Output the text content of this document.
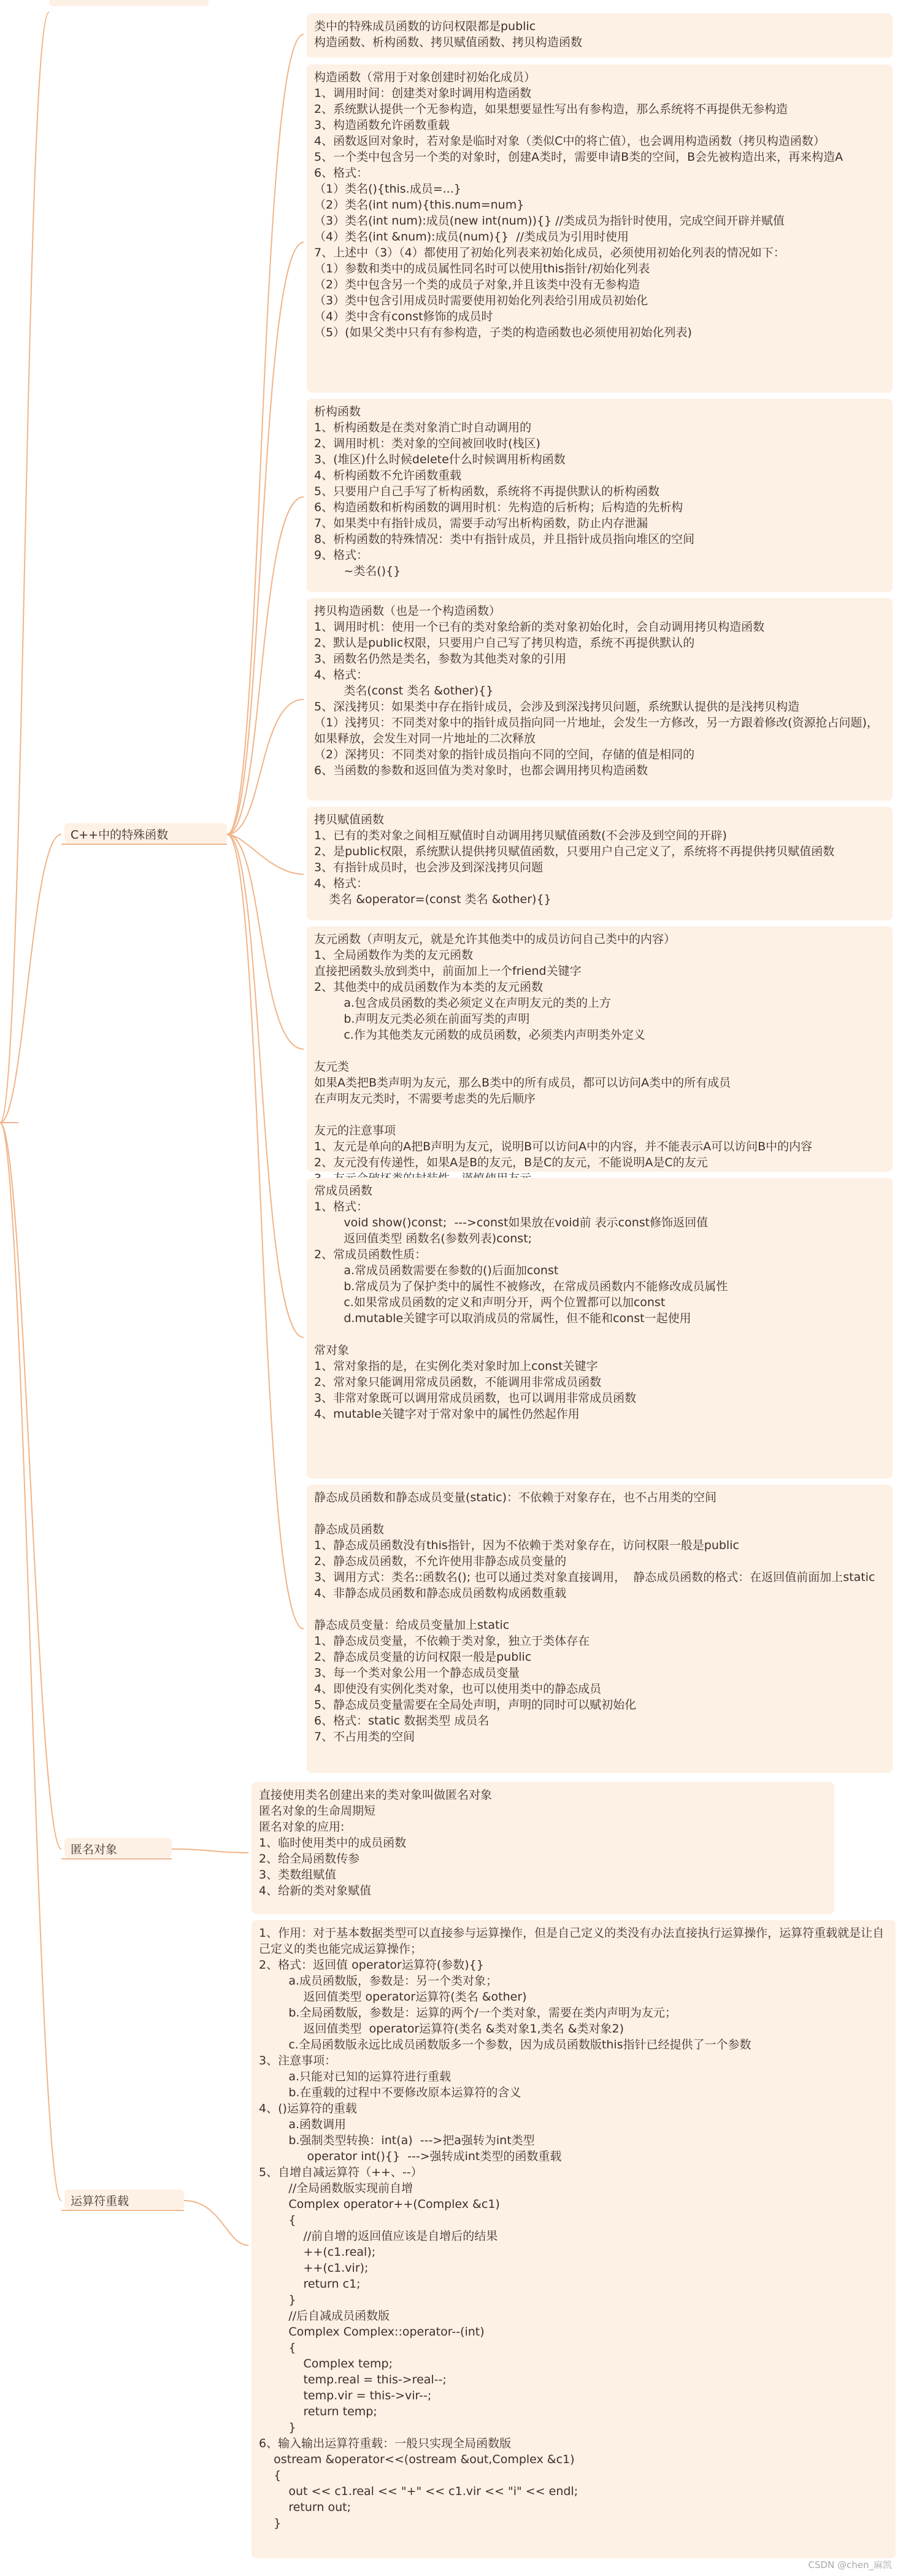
C++中的特殊函数
匿名对象
运算符重载
类中的特殊成员函数的访问权限都是public
构造函数、析构函数、拷贝赋值函数、拷贝构造函数
构造函数（常用于对象创建时初始化成员）
1、调用时间：创建类对象时调用构造函数
2、系统默认提供一个无参构造，如果想要显性写出有参构造，那么系统将不再提供无参构造
3、构造函数允许函数重载
4、函数返回对象时，若对象是临时对象（类似C中的将亡值），也会调用构造函数（拷贝构造函数）
5、一个类中包含另一个类的对象时，创建A类时，需要申请B类的空间，B会先被构造出来，再来构造A
6、格式：
（1）类名(){this.成员=...}
（2）类名(int num){this.num=num}
（3）类名(int num):成员(new int(num)){} //类成员为指针时使用，完成空间开辟并赋值
（4）类名(int &num):成员(num){}  //类成员为引用时使用
7、上述中（3）（4）都使用了初始化列表来初始化成员，必须使用初始化列表的情况如下：
（1）参数和类中的成员属性同名时可以使用this指针/初始化列表
（2）类中包含另一个类的成员子对象,并且该类中没有无参构造
（3）类中包含引用成员时需要使用初始化列表给引用成员初始化
（4）类中含有const修饰的成员时
（5）(如果父类中只有有参构造，子类的构造函数也必须使用初始化列表)
析构函数
1、析构函数是在类对象消亡时自动调用的
2、调用时机：类对象的空间被回收时(栈区)
3、(堆区)什么时候delete什么时候调用析构函数
4、析构函数不允许函数重载
5、只要用户自己手写了析构函数，系统将不再提供默认的析构函数
6、构造函数和析构函数的调用时机：先构造的后析构；后构造的先析构
7、如果类中有指针成员，需要手动写出析构函数，防止内存泄漏
8、析构函数的特殊情况：类中有指针成员，并且指针成员指向堆区的空间
9、格式：
~类名(){}
拷贝构造函数（也是一个构造函数）
1、调用时机：使用一个已有的类对象给新的类对象初始化时，会自动调用拷贝构造函数
2、默认是public权限，只要用户自己写了拷贝构造，系统不再提供默认的
3、函数名仍然是类名，参数为其他类对象的引用
4、格式：
类名(const 类名 &other){}
5、深浅拷贝：如果类中存在指针成员，会涉及到深浅拷贝问题，系统默认提供的是浅拷贝构造
（1）浅拷贝：不同类对象中的指针成员指向同一片地址，会发生一方修改，另一方跟着修改(资源抢占问题)，如果释放，会发生对同一片地址的二次释放
（2）深拷贝：不同类对象的指针成员指向不同的空间，存储的值是相同的
6、当函数的参数和返回值为类对象时，也都会调用拷贝构造函数
拷贝赋值函数
1、已有的类对象之间相互赋值时自动调用拷贝赋值函数(不会涉及到空间的开辟)
2、是public权限，系统默认提供拷贝赋值函数，只要用户自己定义了，系统将不再提供拷贝赋值函数
3、有指针成员时，也会涉及到深浅拷贝问题
4、格式：
类名 &operator=(const 类名 &other){}
友元函数（声明友元，就是允许其他类中的成员访问自己类中的内容）
1、全局函数作为类的友元函数
直接把函数头放到类中，前面加上一个friend关键字
2、其他类中的成员函数作为本类的友元函数
a.包含成员函数的类必须定义在声明友元的类的上方
b.声明友元类必须在前面写类的声明
c.作为其他类友元函数的成员函数，必须类内声明类外定义
友元类
如果A类把B类声明为友元，那么B类中的所有成员，都可以访问A类中的所有成员
在声明友元类时，不需要考虑类的先后顺序
友元的注意事项
1、友元是单向的A把B声明为友元，说明B可以访问A中的内容，并不能表示A可以访问B中的内容
2、友元没有传递性，如果A是B的友元，B是C的友元，不能说明A是C的友元
常成员函数
1、格式：
void show()const;  --->const如果放在void前 表示const修饰返回值
返回值类型 函数名(参数列表)const;
2、常成员函数性质：
a.常成员函数需要在参数的()后面加const
b.常成员为了保护类中的属性不被修改，在常成员函数内不能修改成员属性
c.如果常成员函数的定义和声明分开，两个位置都可以加const
d.mutable关键字可以取消成员的常属性，但不能和const一起使用
常对象
1、常对象指的是，在实例化类对象时加上const关键字
2、常对象只能调用常成员函数，不能调用非常成员函数
3、非常对象既可以调用常成员函数，也可以调用非常成员函数
4、mutable关键字对于常对象中的属性仍然起作用
静态成员函数和静态成员变量(static)：不依赖于对象存在，也不占用类的空间
静态成员函数
1、静态成员函数没有this指针，因为不依赖于类对象存在，访问权限一般是public
2、静态成员函数，不允许使用非静态成员变量的
3、调用方式：类名::函数名(); 也可以通过类对象直接调用，  静态成员函数的格式：在返回值前面加上static
4、非静态成员函数和静态成员函数构成函数重载
静态成员变量：给成员变量加上static
1、静态成员变量，不依赖于类对象，独立于类体存在
2、静态成员变量的访问权限一般是public
3、每一个类对象公用一个静态成员变量
4、即使没有实例化类对象，也可以使用类中的静态成员
5、静态成员变量需要在全局处声明，声明的同时可以赋初始化
6、格式：static 数据类型 成员名
7、不占用类的空间
直接使用类名创建出来的类对象叫做匿名对象
匿名对象的生命周期短
匿名对象的应用:
1、临时使用类中的成员函数
2、给全局函数传参
3、类数组赋值
4、给新的类对象赋值
1、作用：对于基本数据类型可以直接参与运算操作，但是自己定义的类没有办法直接执行运算操作，运算符重载就是让自己定义的类也能完成运算操作；
2、格式：返回值 operator运算符(参数){}
a.成员函数版，参数是：另一个类对象；
返回值类型 operator运算符(类名 &other)
b.全局函数版，参数是：运算的两个/一个类对象，需要在类内声明为友元；
返回值类型  operator运算符(类名 &类对象1,类名 &类对象2)
c.全局函数版永远比成员函数版多一个参数，因为成员函数版this指针已经提供了一个参数
3、注意事项：
a.只能对已知的运算符进行重载
b.在重载的过程中不要修改原本运算符的含义
4、()运算符的重载
a.函数调用
b.强制类型转换：int(a)  --->把a强转为int类型
operator int(){}  --->强转成int类型的函数重载
5、自增自减运算符（++、--）
//全局函数版实现前自增
Complex operator++(Complex &c1)
{
//前自增的返回值应该是自增后的结果
++(c1.real);
++(c1.vir);
return c1;
}
//后自减成员函数版
Complex Complex::operator--(int)
{
Complex temp;
temp.real = this->real--;
temp.vir = this->vir--;
return temp;
}
6、输入输出运算符重载：一般只实现全局函数版
ostream &operator<<(ostream &out,Complex &c1)
{
out << c1.real << "+" << c1.vir << "i" << endl;
return out;
}
CSDN @chen_麻凯
